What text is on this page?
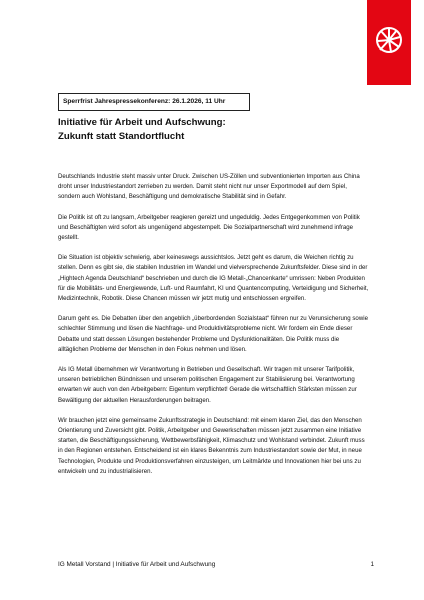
Sperrfrist Jahrespressekonferenz: 26.1.2026, 11 Uhr
Initiative für Arbeit und Aufschwung:
Zukunft statt Standortflucht

Deutschlands Industrie steht massiv unter Druck. Zwischen US-Zöllen und subventionierten Importen aus China droht unser Industriestandort zerrieben zu werden. Damit steht nicht nur unser Exportmodell auf dem Spiel, sondern auch Wohlstand, Beschäftigung und demokratische Stabilität sind in Gefahr.

Die Politik ist oft zu langsam, Arbeitgeber reagieren gereizt und ungeduldig. Jedes Entgegenkommen von Politik und Beschäftigten wird sofort als ungenügend abgestempelt. Die Sozialpartnerschaft wird zunehmend infrage gestellt.

Die Situation ist objektiv schwierig, aber keineswegs aussichtslos. Jetzt geht es darum, die Weichen richtig zu stellen. Denn es gibt sie, die stabilen Industrien im Wandel und vielversprechende Zukunftsfelder. Diese sind in der „Hightech Agenda Deutschland“ beschrieben und durch die IG Metall-„Chancenkarte“ umrissen: Neben Produkten für die Mobilitäts- und Energiewende, Luft- und Raumfahrt, KI und Quantencomputing, Verteidigung und Sicherheit, Medizintechnik, Robotik. Diese Chancen müssen wir jetzt mutig und entschlossen ergreifen.

Darum geht es. Die Debatten über den angeblich „überbordenden Sozialstaat“ führen nur zu Verunsicherung sowie schlechter Stimmung und lösen die Nachfrage- und Produktivitätsprobleme nicht. Wir fordern ein Ende dieser Debatte und statt dessen Lösungen bestehender Probleme und Dysfunktionalitäten. Die Politik muss die alltäglichen Probleme der Menschen in den Fokus nehmen und lösen.

Als IG Metall übernehmen wir Verantwortung in Betrieben und Gesellschaft. Wir tragen mit unserer Tarifpolitik, unseren betrieblichen Bündnissen und unserem politischen Engagement zur Stabilisierung bei. Verantwortung erwarten wir auch von den Arbeitgebern: Eigentum verpflichtet! Gerade die wirtschaftlich Stärksten müssen zur Bewältigung der aktuellen Herausforderungen beitragen.

Wir brauchen jetzt eine gemeinsame Zukunftsstrategie in Deutschland: mit einem klaren Ziel, das den Menschen Orientierung und Zuversicht gibt. Politik, Arbeitgeber und Gewerkschaften müssen jetzt zusammen eine Initiative starten, die Beschäftigungssicherung, Wettbewerbsfähigkeit, Klimaschutz und Wohlstand verbindet. Zukunft muss in den Regionen entstehen. Entscheidend ist ein klares Bekenntnis zum Industriestandort sowie der Mut, in neue Technologien, Produkte und Produktionsverfahren einzusteigen, um Leitmärkte und Innovationen hier bei uns zu entwickeln und zu industrialisieren.

IG Metall Vorstand | Initiative für Arbeit und Aufschwung	1
